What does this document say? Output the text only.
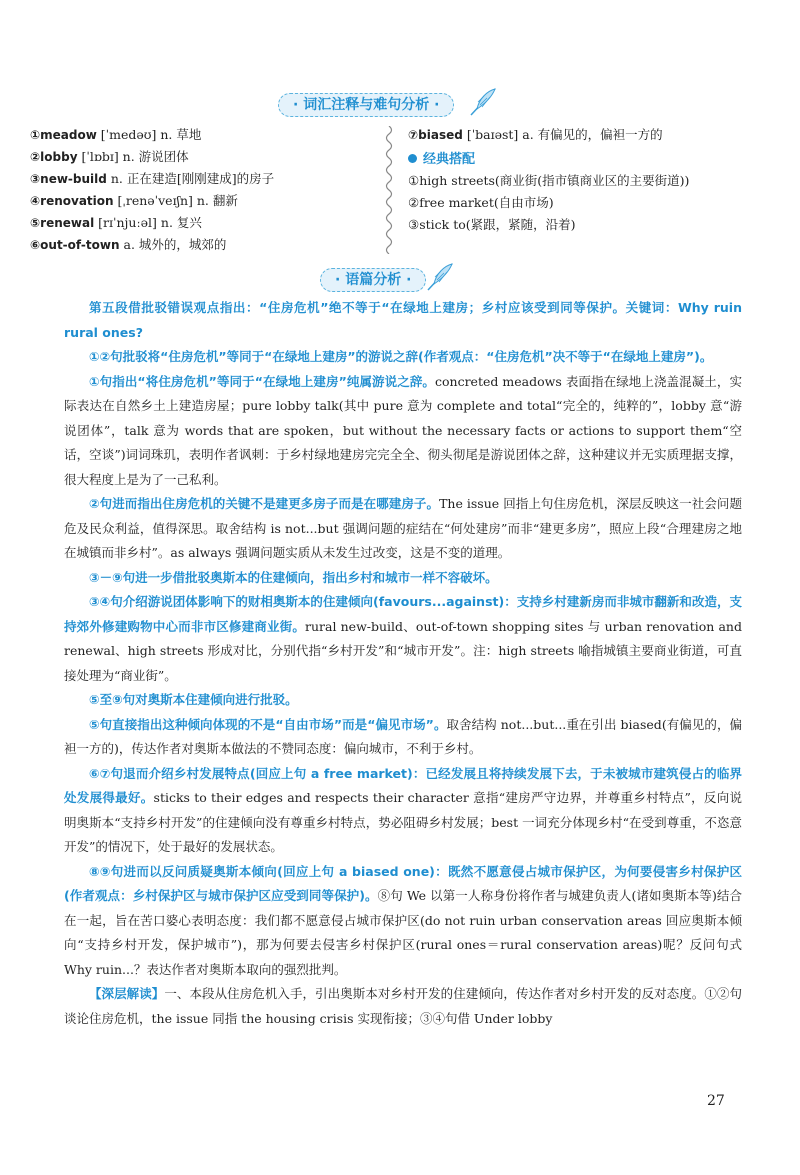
· 词汇注释与难句分析 ·
①meadow [ˈmedəʊ] n. 草地
②lobby [ˈlɒbɪ] n. 游说团体
③new-build n. 正在建造[刚刚建成]的房子
④renovation [ˌrenəˈveɪʃn] n. 翻新
⑤renewal [rɪˈnjuːəl] n. 复兴
⑥out-of-town a. 城外的，城郊的
⑦biased [ˈbaɪəst] a. 有偏见的，偏袒一方的
经典搭配
①high streets(商业街(指市镇商业区的主要街道))
②free market(自由市场)
③stick to(紧跟，紧随，沿着)
· 语篇分析 ·

第五段借批驳错误观点指出：“住房危机”绝不等于“在绿地上建房；乡村应该受到同等保护。关键词：Why ruin rural ones?

①②句批驳将“住房危机”等同于“在绿地上建房”的游说之辞(作者观点：“住房危机”决不等于“在绿地上建房”)。

①句指出“将住房危机”等同于“在绿地上建房”纯属游说之辞。concreted meadows 表面指在绿地上浇盖混凝土，实际表达在自然乡土上建造房屋；pure lobby talk(其中 pure 意为 complete and total“完全的，纯粹的”，lobby 意“游说团体”，talk 意为 words that are spoken，but without the necessary facts or actions to support them“空话，空谈”)词词珠玑，表明作者讽刺：于乡村绿地建房完完全全、彻头彻尾是游说团体之辞，这种建议并无实质理据支撑，很大程度上是为了一己私利。

②句进而指出住房危机的关键不是建更多房子而是在哪建房子。The issue 回指上句住房危机，深层反映这一社会问题危及民众利益，值得深思。取舍结构 is not...but 强调问题的症结在“何处建房”而非“建更多房”，照应上段“合理建房之地在城镇而非乡村”。as always 强调问题实质从未发生过改变，这是不变的道理。

③－⑨句进一步借批驳奥斯本的住建倾向，指出乡村和城市一样不容破坏。

③④句介绍游说团体影响下的财相奥斯本的住建倾向(favours...against)：支持乡村建新房而非城市翻新和改造，支持郊外修建购物中心而非市区修建商业街。rural new-build、out-of-town shopping sites 与 urban renovation and renewal、high streets 形成对比，分别代指“乡村开发”和“城市开发”。注：high streets 喻指城镇主要商业街道，可直接处理为“商业街”。

⑤至⑨句对奥斯本住建倾向进行批驳。

⑤句直接指出这种倾向体现的不是“自由市场”而是“偏见市场”。取舍结构 not...but...重在引出 biased(有偏见的，偏袒一方的)，传达作者对奥斯本做法的不赞同态度：偏向城市，不利于乡村。

⑥⑦句退而介绍乡村发展特点(回应上句 a free market)：已经发展且将持续发展下去，于未被城市建筑侵占的临界处发展得最好。sticks to their edges and respects their character 意指“建房严守边界，并尊重乡村特点”，反向说明奥斯本“支持乡村开发”的住建倾向没有尊重乡村特点，势必阻碍乡村发展；best 一词充分体现乡村“在受到尊重，不恣意开发”的情况下，处于最好的发展状态。

⑧⑨句进而以反问质疑奥斯本倾向(回应上句 a biased one)：既然不愿意侵占城市保护区，为何要侵害乡村保护区(作者观点：乡村保护区与城市保护区应受到同等保护)。⑧句 We 以第一人称身份将作者与城建负责人(诸如奥斯本等)结合在一起，旨在苦口婆心表明态度：我们都不愿意侵占城市保护区(do not ruin urban conservation areas 回应奥斯本倾向“支持乡村开发，保护城市”)，那为何要去侵害乡村保护区(rural ones＝rural conservation areas)呢？反问句式 Why ruin...？表达作者对奥斯本取向的强烈批判。

【深层解读】一、本段从住房危机入手，引出奥斯本对乡村开发的住建倾向，传达作者对乡村开发的反对态度。①②句谈论住房危机，the issue 同指 the housing crisis 实现衔接；③④句借 Under lobby

27
